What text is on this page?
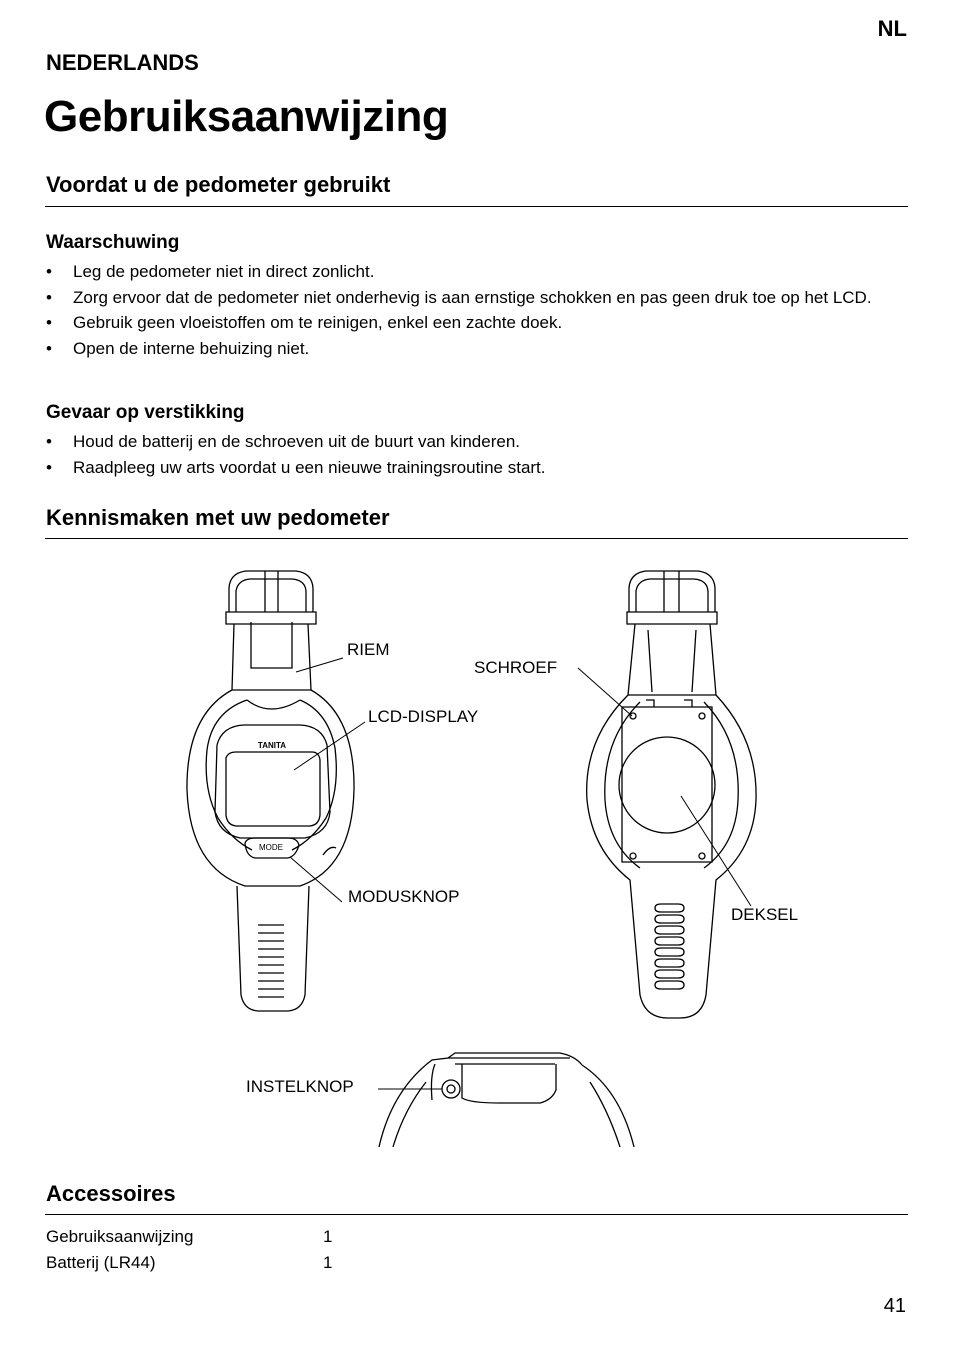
NL
NEDERLANDS
Gebruiksaanwijzing
Voordat u de pedometer gebruikt
Waarschuwing
• Leg de pedometer niet in direct zonlicht.
• Zorg ervoor dat de pedometer niet onderhevig is aan ernstige schokken en pas geen druk toe op het LCD.
• Gebruik geen vloeistoffen om te reinigen, enkel een zachte doek.
• Open de interne behuizing niet.
Gevaar op verstikking
• Houd de batterij en de schroeven uit de buurt van kinderen.
• Raadpleeg uw arts voordat u een nieuwe trainingsroutine start.
Kennismaken met uw pedometer
TANITA
MODE
RIEM
LCD-DISPLAY
MODUSKNOP
SCHROEF
DEKSEL
INSTELKNOP
Accessoires
Gebruiksaanwijzing	1
Batterij (LR44)	1
41
